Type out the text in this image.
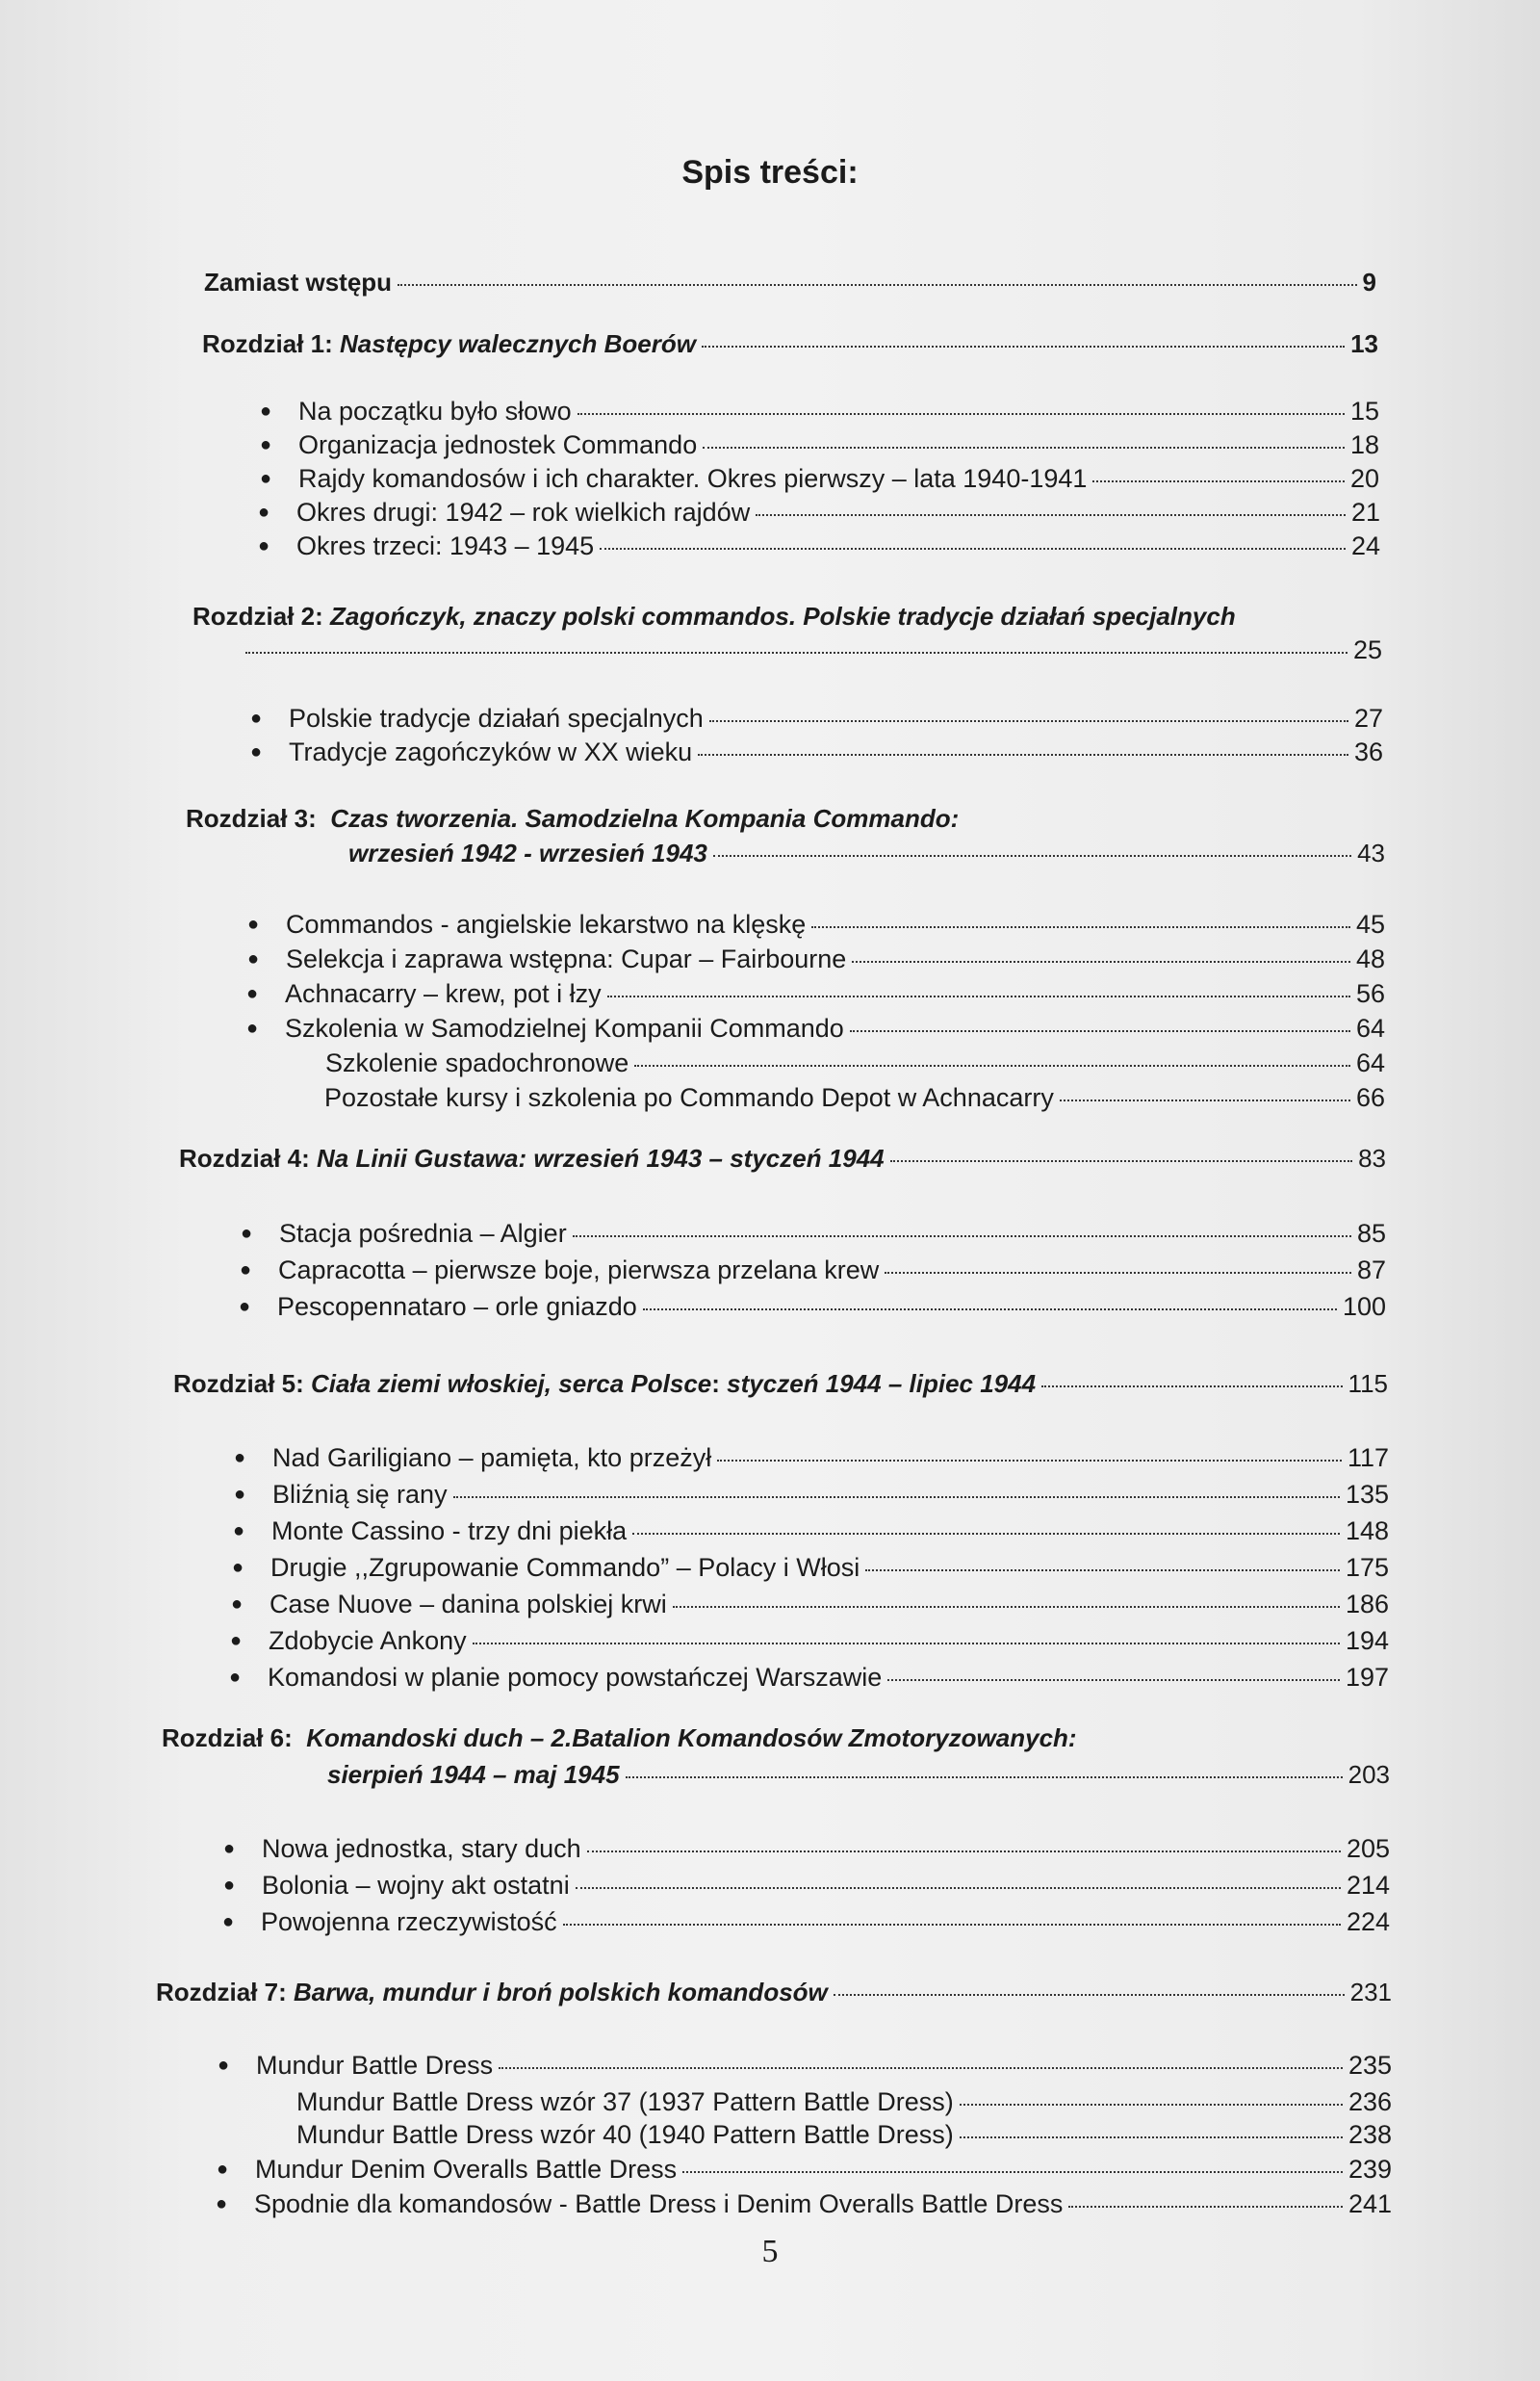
Spis treści:
Zamiast wstępu	9
Rozdział 1: Następcy walecznych Boerów	13
● Na początku było słowo	15
● Organizacja jednostek Commando	18
● Rajdy komandosów i ich charakter. Okres pierwszy – lata 1940-1941	20
● Okres drugi: 1942 – rok wielkich rajdów	21
● Okres trzeci: 1943 – 1945	24
Rozdział 2: Zagończyk, znaczy polski commandos. Polskie tradycje działań specjalnych
25
● Polskie tradycje działań specjalnych	27
● Tradycje zagończyków w XX wieku	36
Rozdział 3: Czas tworzenia. Samodzielna Kompania Commando:
wrzesień 1942 - wrzesień 1943	43
● Commandos - angielskie lekarstwo na klęskę	45
● Selekcja i zaprawa wstępna: Cupar – Fairbourne	48
● Achnacarry – krew, pot i łzy	56
● Szkolenia w Samodzielnej Kompanii Commando	64
Szkolenie spadochronowe	64
Pozostałe kursy i szkolenia po Commando Depot w Achnacarry	66
Rozdział 4: Na Linii Gustawa: wrzesień 1943 – styczeń 1944	83
● Stacja pośrednia – Algier	85
● Capracotta – pierwsze boje, pierwsza przelana krew	87
● Pescopennataro – orle gniazdo	100
Rozdział 5: Ciała ziemi włoskiej, serca Polsce: styczeń 1944 – lipiec 1944	115
● Nad Gariligiano – pamięta, kto przeżył	117
● Bliźnią się rany	135
● Monte Cassino - trzy dni piekła	148
● Drugie ,,Zgrupowanie Commando” – Polacy i Włosi	175
● Case Nuove – danina polskiej krwi	186
● Zdobycie Ankony	194
● Komandosi w planie pomocy powstańczej Warszawie	197
Rozdział 6: Komandoski duch – 2.Batalion Komandosów Zmotoryzowanych:
sierpień 1944 – maj 1945	203
● Nowa jednostka, stary duch	205
● Bolonia – wojny akt ostatni	214
● Powojenna rzeczywistość	224
Rozdział 7: Barwa, mundur i broń polskich komandosów	231
● Mundur Battle Dress	235
Mundur Battle Dress wzór 37 (1937 Pattern Battle Dress)	236
Mundur Battle Dress wzór 40 (1940 Pattern Battle Dress)	238
● Mundur Denim Overalls Battle Dress	239
● Spodnie dla komandosów - Battle Dress i Denim Overalls Battle Dress	241
5
